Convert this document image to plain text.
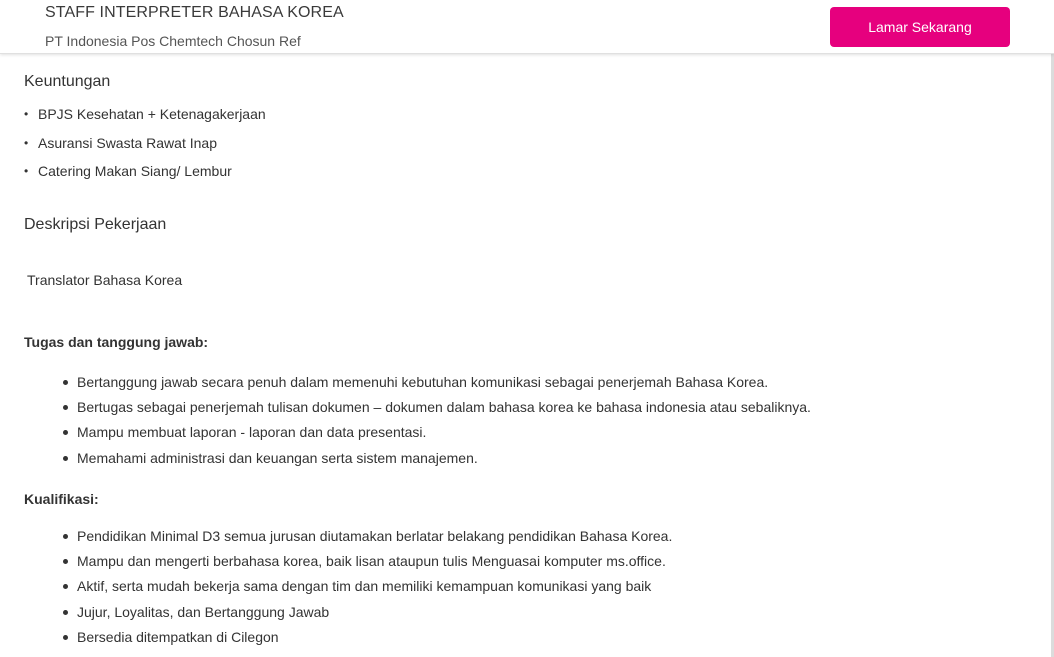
STAFF INTERPRETER BAHASA KOREA
PT Indonesia Pos Chemtech Chosun Ref
Lamar Sekarang
Keuntungan
• BPJS Kesehatan + Ketenagakerjaan
• Asuransi Swasta Rawat Inap
• Catering Makan Siang/ Lembur
Deskripsi Pekerjaan
Translator Bahasa Korea
Tugas dan tanggung jawab:
Bertanggung jawab secara penuh dalam memenuhi kebutuhan komunikasi sebagai penerjemah Bahasa Korea.
Bertugas sebagai penerjemah tulisan dokumen – dokumen dalam bahasa korea ke bahasa indonesia atau sebaliknya.
Mampu membuat laporan - laporan dan data presentasi.
Memahami administrasi dan keuangan serta sistem manajemen.
Kualifikasi:
Pendidikan Minimal D3 semua jurusan diutamakan berlatar belakang pendidikan Bahasa Korea.
Mampu dan mengerti berbahasa korea, baik lisan ataupun tulis Menguasai komputer ms.office.
Aktif, serta mudah bekerja sama dengan tim dan memiliki kemampuan komunikasi yang baik
Jujur, Loyalitas, dan Bertanggung Jawab
Bersedia ditempatkan di Cilegon
